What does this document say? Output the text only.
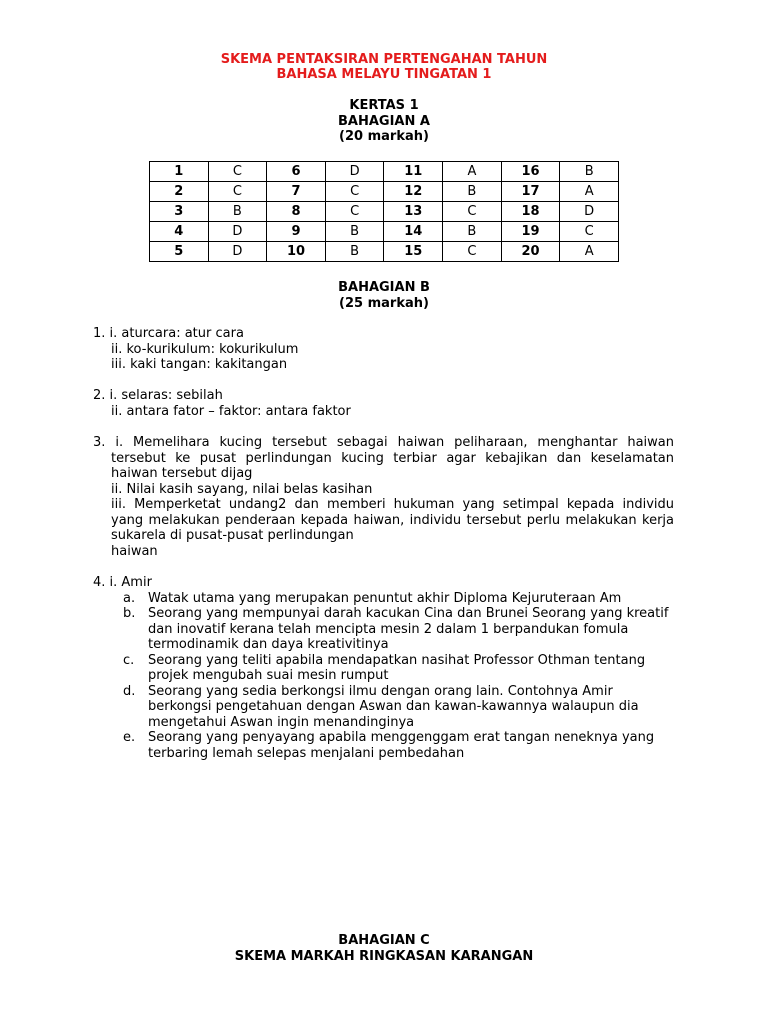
SKEMA PENTAKSIRAN PERTENGAHAN TAHUN
BAHASA MELAYU TINGATAN 1
KERTAS 1
BAHAGIAN A
(20 markah)
1	C	6	D	11	A	16	B
2	C	7	C	12	B	17	A
3	B	8	C	13	C	18	D
4	D	9	B	14	B	19	C
5	D	10	B	15	C	20	A
BAHAGIAN B
(25 markah)
1. i. aturcara: atur cara
ii. ko-kurikulum: kokurikulum
iii. kaki tangan: kakitangan
2. i. selaras: sebilah
ii. antara fator – faktor: antara faktor
3. i. Memelihara kucing tersebut sebagai haiwan peliharaan, menghantar haiwan tersebut ke pusat perlindungan kucing terbiar agar kebajikan dan keselamatan haiwan tersebut dijag
ii. Nilai kasih sayang, nilai belas kasihan
iii. Memperketat undang2 dan memberi hukuman yang setimpal kepada individu yang melakukan penderaan kepada haiwan, individu tersebut perlu melakukan kerja sukarela di pusat-pusat perlindungan
haiwan
4. i. Amir
a. Watak utama yang merupakan penuntut akhir Diploma Kejuruteraan Am
b. Seorang yang mempunyai darah kacukan Cina dan Brunei Seorang yang kreatif dan inovatif kerana telah mencipta mesin 2 dalam 1 berpandukan fomula termodinamik dan daya kreativitinya
c. Seorang yang teliti apabila mendapatkan nasihat Professor Othman tentang projek mengubah suai mesin rumput
d. Seorang yang sedia berkongsi ilmu dengan orang lain. Contohnya Amir berkongsi pengetahuan dengan Aswan dan kawan-kawannya walaupun dia mengetahui Aswan ingin menandinginya
e. Seorang yang penyayang apabila menggenggam erat tangan neneknya yang terbaring lemah selepas menjalani pembedahan
BAHAGIAN C
SKEMA MARKAH RINGKASAN KARANGAN
